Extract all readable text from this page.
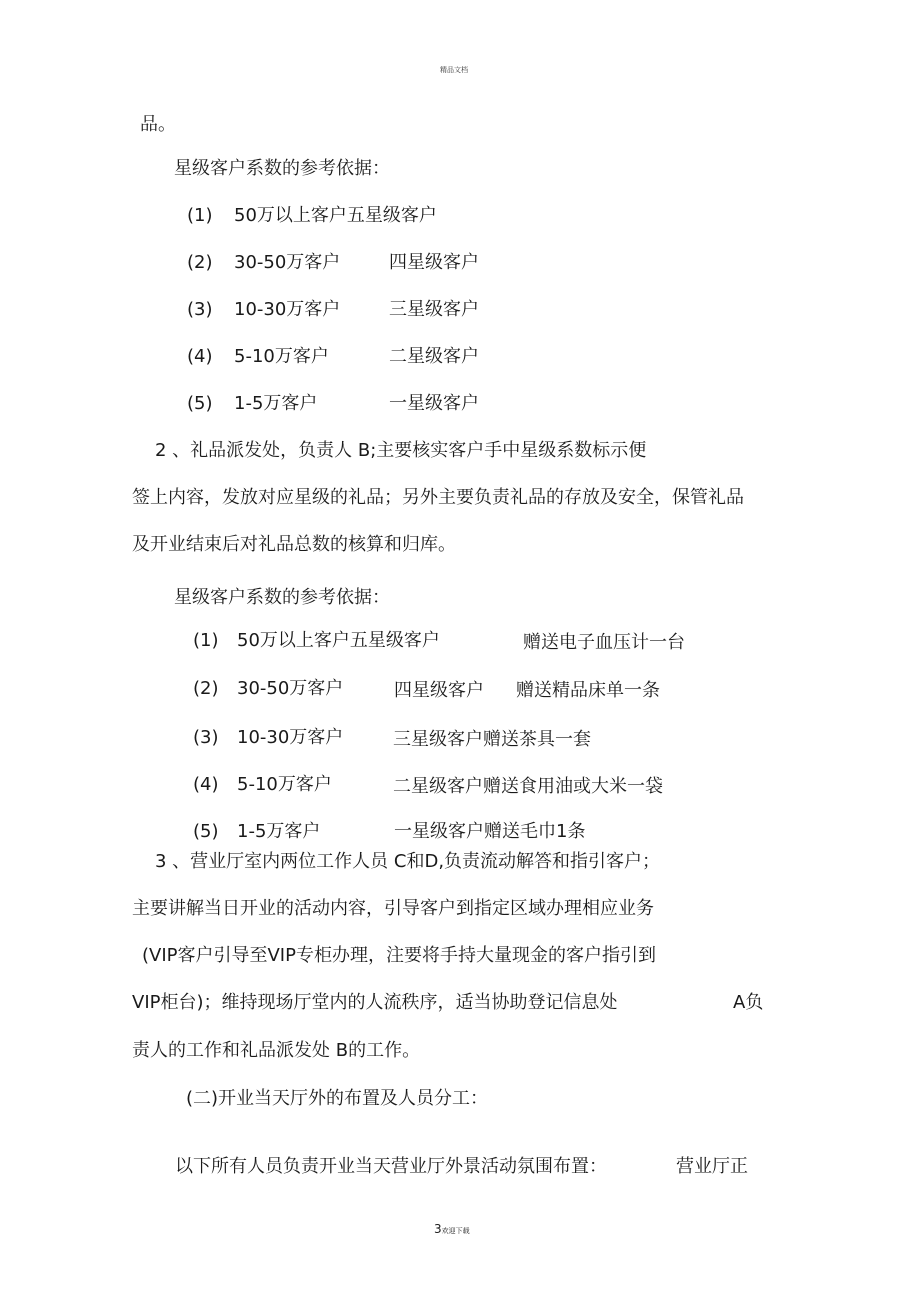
精品文档
品。
星级客户系数的参考依据：
(1) 50万以上客户五星级客户
(2) 30-50万客户	四星级客户
(3) 10-30万客户	三星级客户
(4) 5-10万客户	二星级客户
(5) 1-5万客户	一星级客户
2 、礼品派发处，负责人 B;主要核实客户手中星级系数标示便
签上内容，发放对应星级的礼品；另外主要负责礼品的存放及安全，保管礼品
及开业结束后对礼品总数的核算和归库。
星级客户系数的参考依据：
(1) 50万以上客户五星级客户	赠送电子血压计一台
(2) 30-50万客户	四星级客户 赠送精品床单一条
(3) 10-30万客户	三星级客户赠送茶具一套
(4) 5-10万客户	二星级客户赠送食用油或大米一袋
(5) 1-5万客户	一星级客户赠送毛巾1条
3 、营业厅室内两位工作人员 C和D,负责流动解答和指引客户；
主要讲解当日开业的活动内容，引导客户到指定区域办理相应业务
(VIP客户引导至VIP专柜办理，注要将手持大量现金的客户指引到
VIP柜台)；维持现场厅堂内的人流秩序，适当协助登记信息处	A负
责人的工作和礼品派发处 B的工作。
(二)开业当天厅外的布置及人员分工：
以下所有人员负责开业当天营业厅外景活动氛围布置：	营业厅正
3欢迎下载
